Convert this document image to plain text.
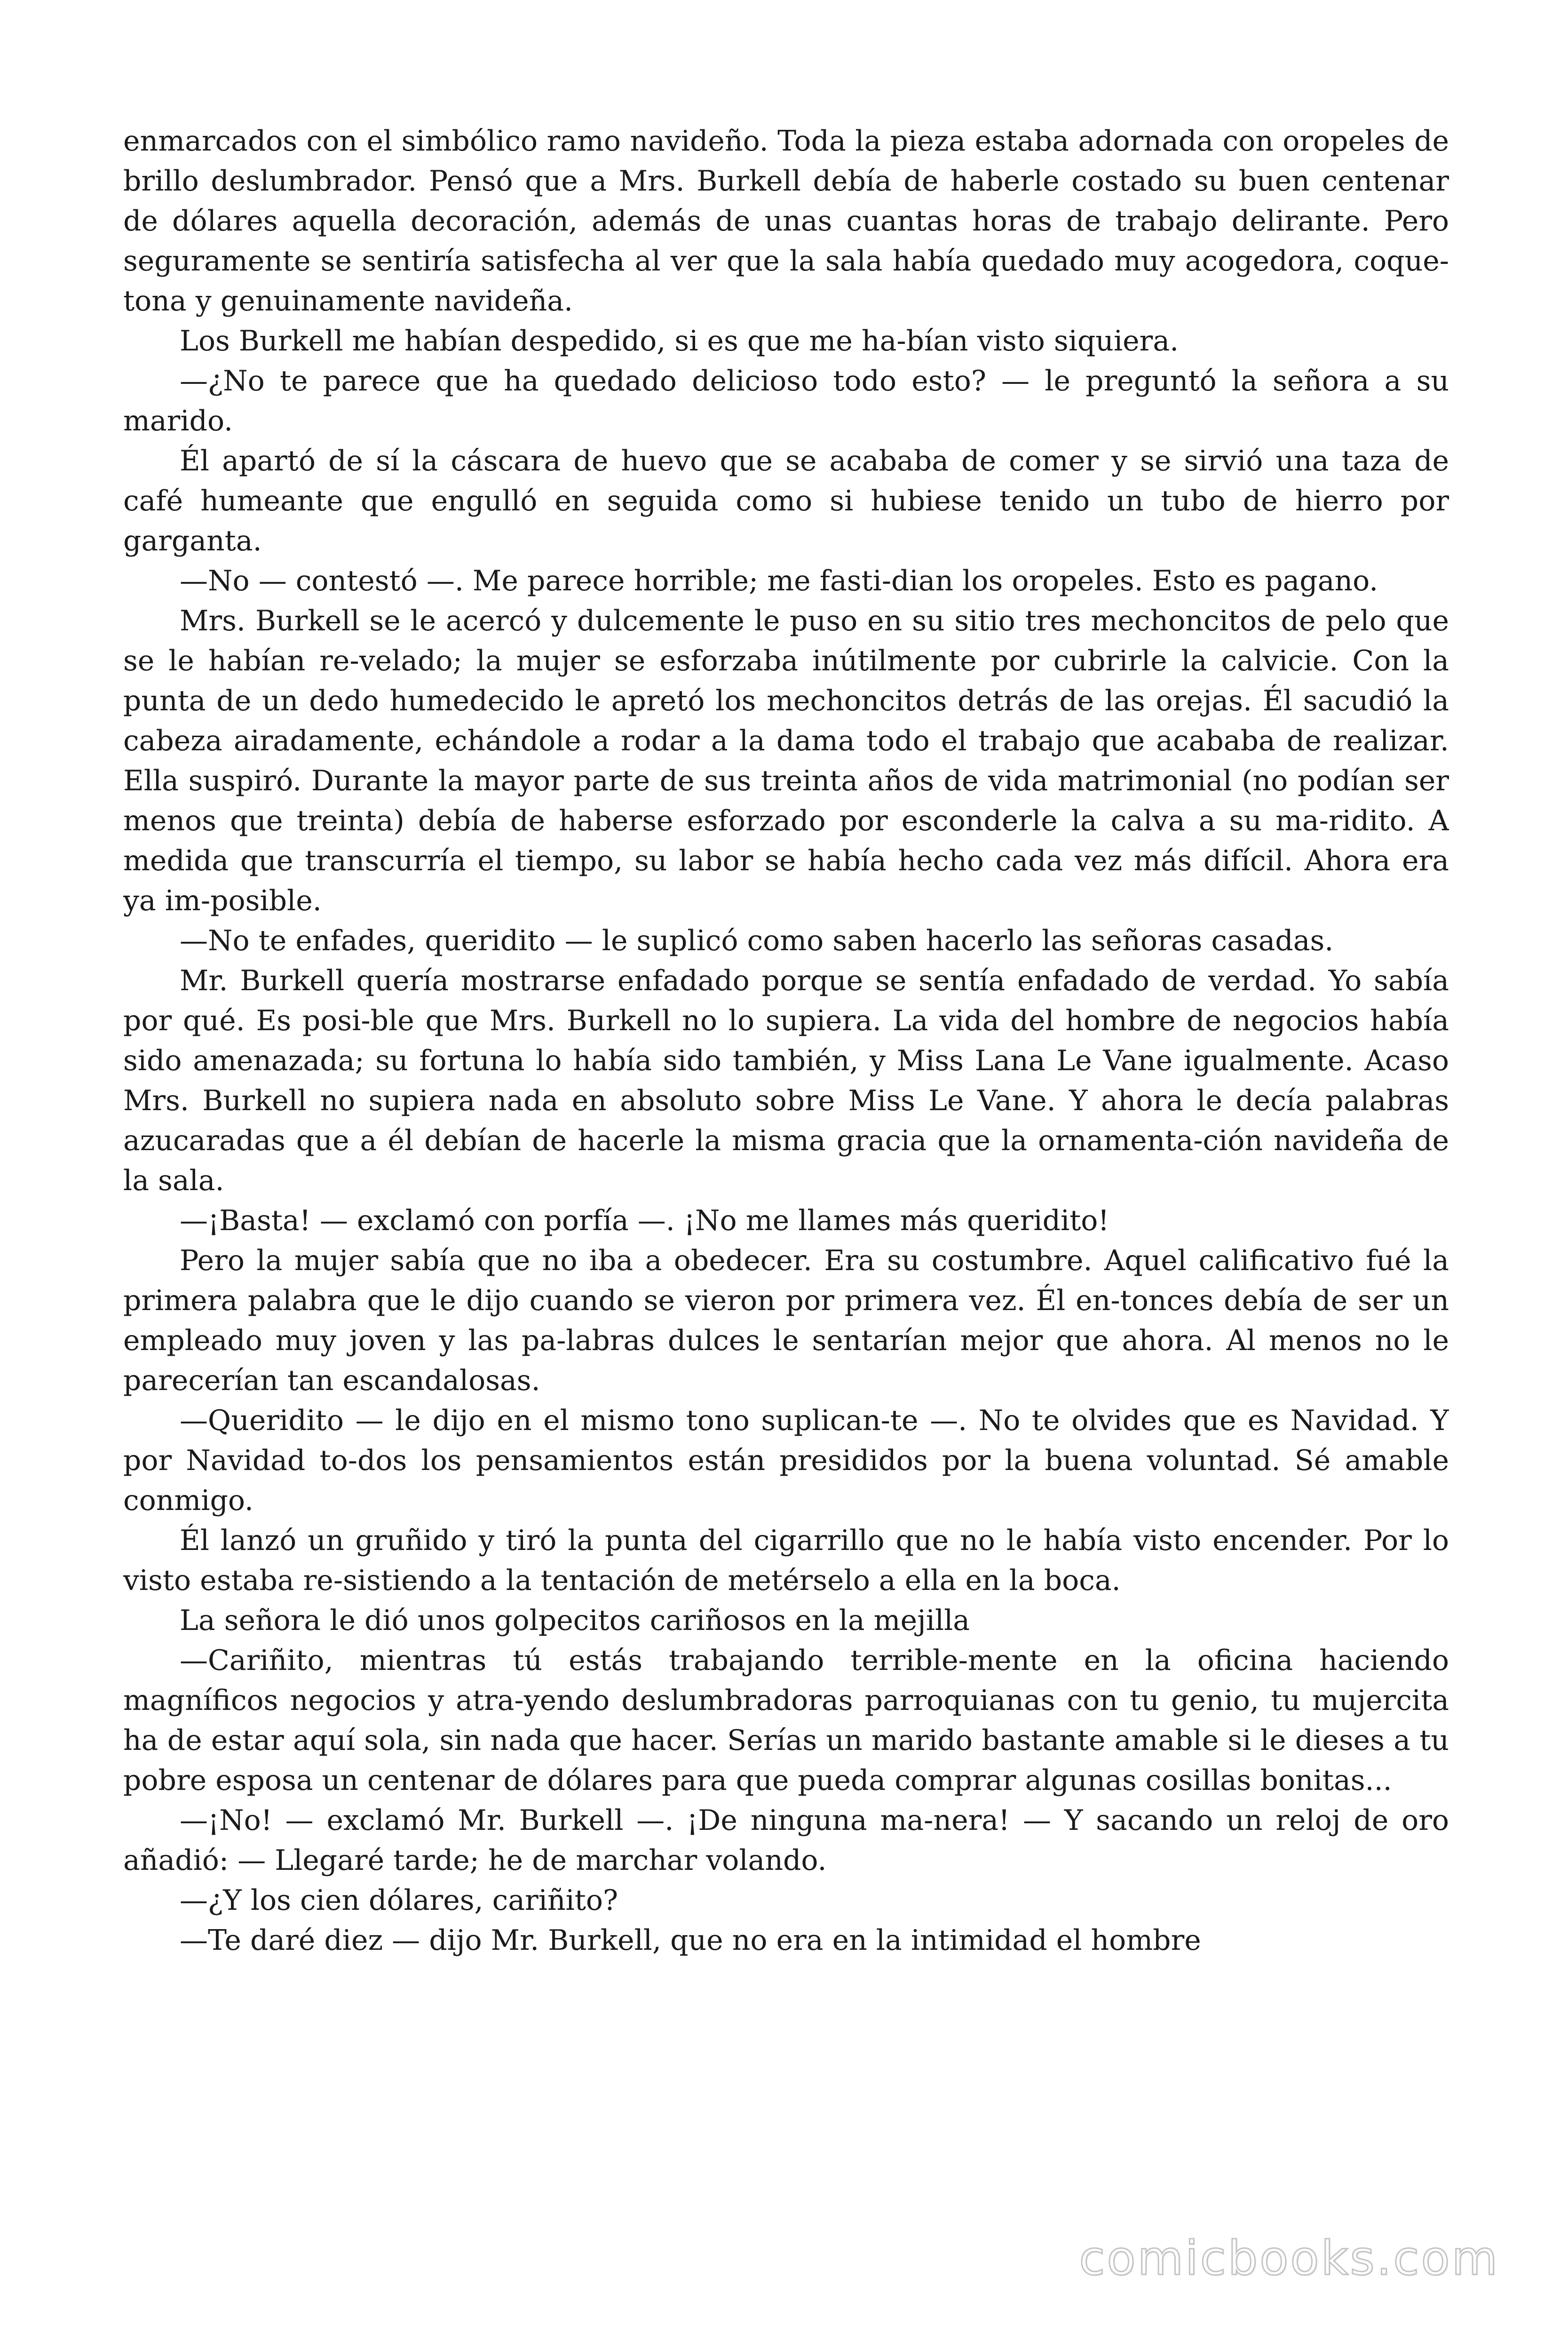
enmarcados con el simbólico ramo navideño. Toda la pieza estaba adornada con oropeles de brillo deslumbrador. Pensó que a Mrs. Burkell debía de haberle costado su buen centenar de dólares aquella decoración, además de unas cuantas horas de trabajo delirante. Pero seguramente se sentiría satisfecha al ver que la sala había quedado muy acogedora, coque-tona y genuinamente navideña.

Los Burkell me habían despedido, si es que me ha-bían visto siquiera.

—¿No te parece que ha quedado delicioso todo esto? — le preguntó la señora a su marido.

Él apartó de sí la cáscara de huevo que se acababa de comer y se sirvió una taza de café humeante que engulló en seguida como si hubiese tenido un tubo de hierro por garganta.

—No — contestó —. Me parece horrible; me fasti-dian los oropeles. Esto es pagano.

Mrs. Burkell se le acercó y dulcemente le puso en su sitio tres mechoncitos de pelo que se le habían re-velado; la mujer se esforzaba inútilmente por cubrirle la calvicie. Con la punta de un dedo humedecido le apretó los mechoncitos detrás de las orejas. Él sacudió la cabeza airadamente, echándole a rodar a la dama todo el trabajo que acababa de realizar. Ella suspiró. Durante la mayor parte de sus treinta años de vida matrimonial (no podían ser menos que treinta) debía de haberse esforzado por esconderle la calva a su ma-ridito. A medida que transcurría el tiempo, su labor se había hecho cada vez más difícil. Ahora era ya im-posible.

—No te enfades, queridito — le suplicó como saben hacerlo las señoras casadas.

Mr. Burkell quería mostrarse enfadado porque se sentía enfadado de verdad. Yo sabía por qué. Es posi-ble que Mrs. Burkell no lo supiera. La vida del hombre de negocios había sido amenazada; su fortuna lo había sido también, y Miss Lana Le Vane igualmente. Acaso Mrs. Burkell no supiera nada en absoluto sobre Miss Le Vane. Y ahora le decía palabras azucaradas que a él debían de hacerle la misma gracia que la ornamenta-ción navideña de la sala.

—¡Basta! — exclamó con porfía —. ¡No me llames más queridito!

Pero la mujer sabía que no iba a obedecer. Era su costumbre. Aquel calificativo fué la primera palabra que le dijo cuando se vieron por primera vez. Él en-tonces debía de ser un empleado muy joven y las pa-labras dulces le sentarían mejor que ahora. Al menos no le parecerían tan escandalosas.

—Queridito — le dijo en el mismo tono suplican-te —. No te olvides que es Navidad. Y por Navidad to-dos los pensamientos están presididos por la buena voluntad. Sé amable conmigo.

Él lanzó un gruñido y tiró la punta del cigarrillo que no le había visto encender. Por lo visto estaba re-sistiendo a la tentación de metérselo a ella en la boca.

La señora le dió unos golpecitos cariñosos en la mejilla

—Cariñito, mientras tú estás trabajando terrible-mente en la oficina haciendo magníficos negocios y atra-yendo deslumbradoras parroquianas con tu genio, tu mujercita ha de estar aquí sola, sin nada que hacer. Serías un marido bastante amable si le dieses a tu pobre esposa un centenar de dólares para que pueda comprar algunas cosillas bonitas...

—¡No! — exclamó Mr. Burkell —. ¡De ninguna ma-nera! — Y sacando un reloj de oro añadió: — Llegaré tarde; he de marchar volando.

—¿Y los cien dólares, cariñito?

—Te daré diez — dijo Mr. Burkell, que no era en la intimidad el hombre

comicbooks.com
